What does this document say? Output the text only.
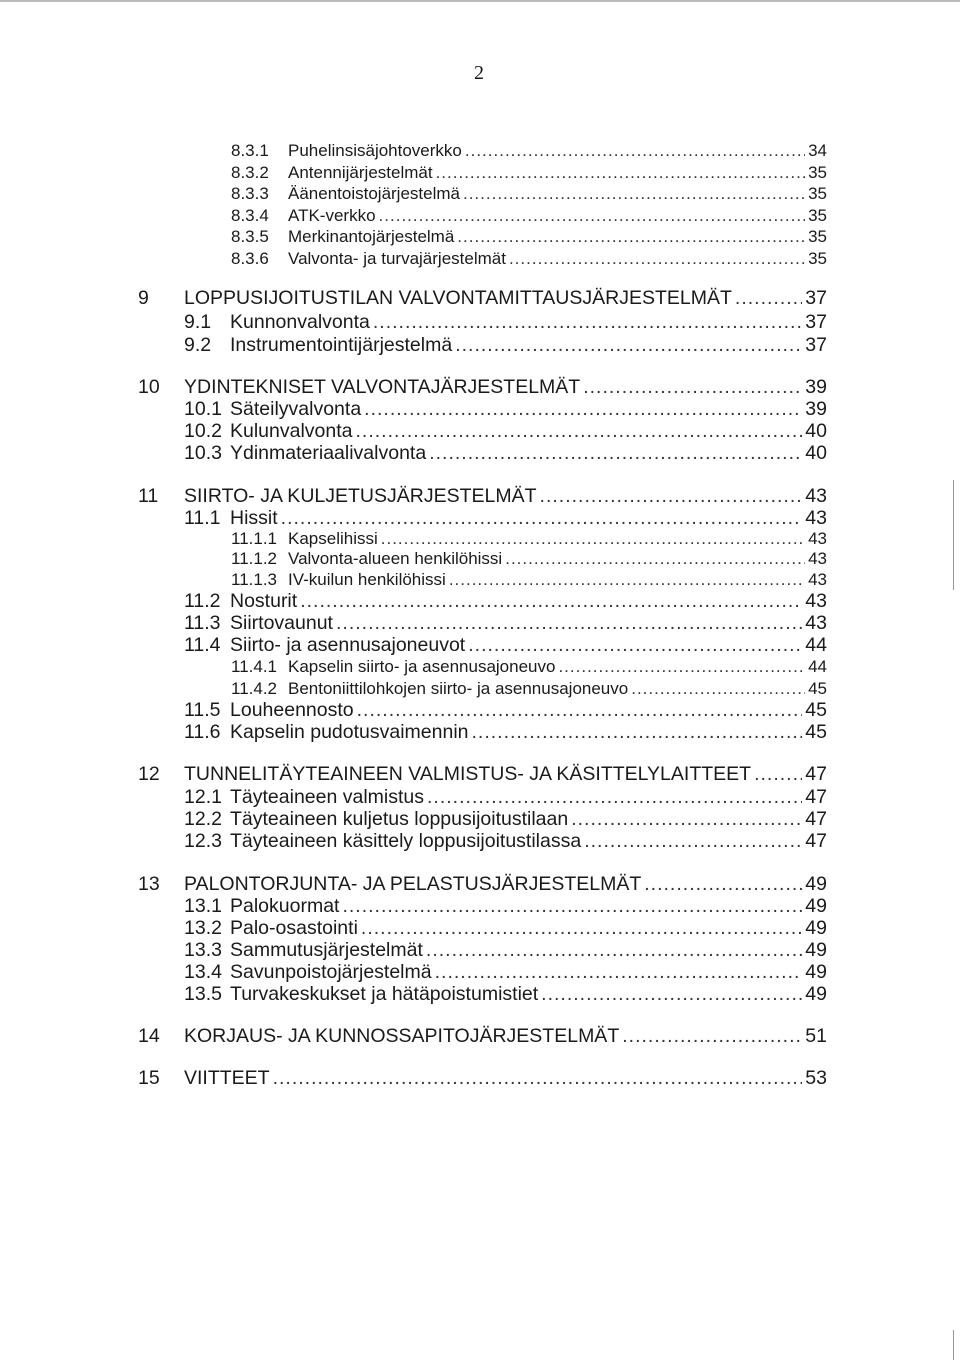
2
8.3.1	Puhelinsisäjohtoverkko .....	34
8.3.2	Antennijärjestelmät .....	35
8.3.3	Äänentoistojärjestelmä .....	35
8.3.4	ATK-verkko .....	35
8.3.5	Merkinantojärjestelmä .....	35
8.3.6	Valvonta- ja turvajärjestelmät .....	35
9	LOPPUSIJOITUSTILAN VALVONTAMITTAUSJÄRJESTELMÄT .....	37
9.1 Kunnonvalvonta .....	37
9.2 Instrumentointijärjestelmä .....	37
10	YDINTEKNISET VALVONTAJÄRJESTELMÄT .....	39
10.1 Säteilyvalvonta .....	39
10.2 Kulunvalvonta .....	40
10.3 Ydinmateriaalivalvonta .....	40
11	SIIRTO- JA KULJETUSJÄRJESTELMÄT .....	43
11.1 Hissit .....	43
11.1.1 Kapselihissi .....	43
11.1.2 Valvonta-alueen henkilöhissi .....	43
11.1.3 IV-kuilun henkilöhissi .....	43
11.2 Nosturit .....	43
11.3 Siirtovaunut .....	43
11.4 Siirto- ja asennusajoneuvot .....	44
11.4.1 Kapselin siirto- ja asennusajoneuvo .....	44
11.4.2 Bentoniittilohkojen siirto- ja asennusajoneuvo .....	45
11.5 Louheennosto .....	45
11.6 Kapselin pudotusvaimennin .....	45
12	TUNNELITÄYTEAINEEN VALMISTUS- JA KÄSITTELYLAITTEET .....	47
12.1 Täyteaineen valmistus .....	47
12.2 Täyteaineen kuljetus loppusijoitustilaan .....	47
12.3 Täyteaineen käsittely loppusijoitustilassa .....	47
13	PALONTORJUNTA- JA PELASTUSJÄRJESTELMÄT .....	49
13.1 Palokuormat .....	49
13.2 Palo-osastointi .....	49
13.3 Sammutusjärjestelmät .....	49
13.4 Savunpoistojärjestelmä .....	49
13.5 Turvakeskukset ja hätäpoistumistiet .....	49
14	KORJAUS- JA KUNNOSSAPITOJÄRJESTELMÄT .....	51
15	VIITTEET .....	53
